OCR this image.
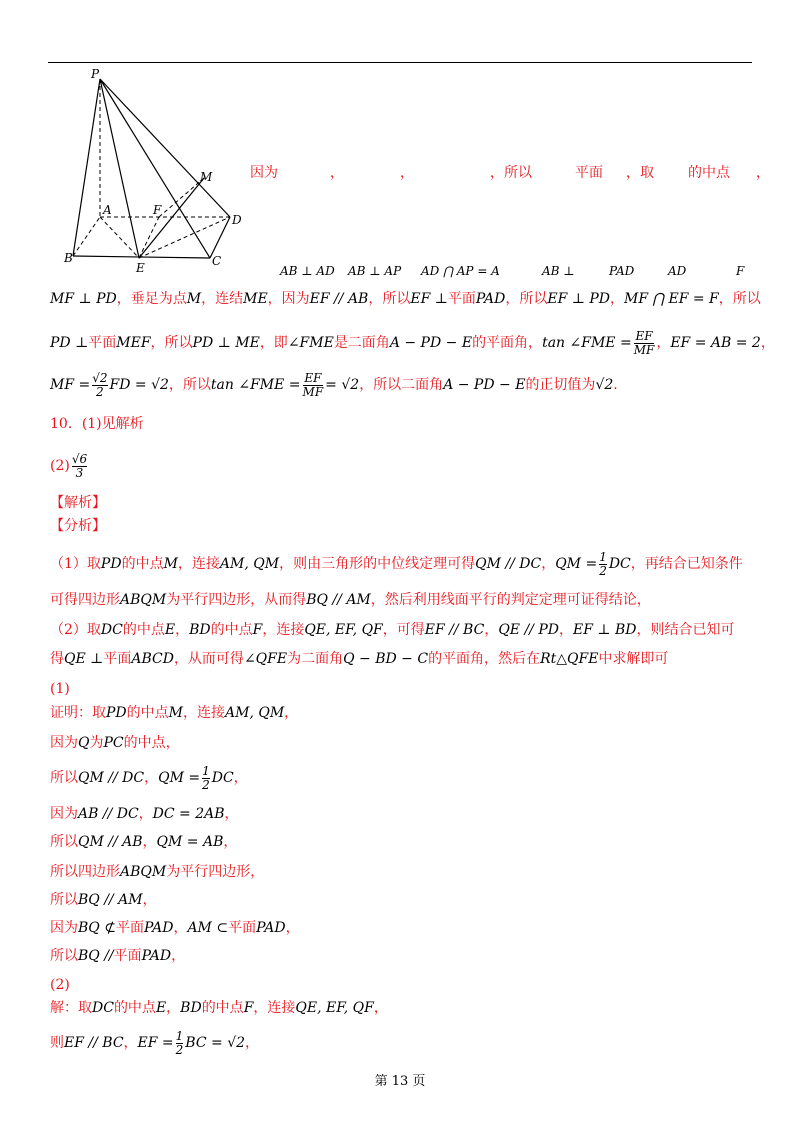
P
M
A	F
D
B
E	C
因为	，	，	，所以	平面 ，取 的中点 ，
AB ⊥ AD AB ⊥ AP AD ⋂ AP = A	AB ⊥	PAD	AD	F
MF ⊥ PD，垂足为点M，连结ME，因为EF // AB，所以EF ⊥平面PAD，所以EF ⊥ PD，MF ⋂ EF = F，所以
PD ⊥平面MEF，所以PD ⊥ ME，即∠FME是二面角A − PD − E的平面角，tan ∠FME = $\frac{EF}{MF}$ ，EF = AB = 2，
MF = $\frac{√2}{2}$ FD = √2，所以tan ∠FME = $\frac{EF}{MF} = √2$，所以二面角A − PD − E的正切值为√2.
10．(1)见解析
$(2) \frac{√6}{3}$
【解析】
【分析】
（1）取PD的中点M，连接AM, QM，则由三角形的中位线定理可得QM // DC，QM = $\frac{1}{2}$ DC，再结合已知条件
可得四边形ABQM为平行四边形，从而得BQ // AM，然后利用线面平行的判定定理可证得结论，
（2）取DC的中点E，BD的中点F，连接QE, EF, QF，可得EF // BC，QE // PD，EF ⊥ BD，则结合已知可
得QE ⊥平面ABCD，从而可得∠QFE为二面角Q − BD − C的平面角，然后在Rt△QFE中求解即可
(1)
证明：取PD的中点M，连接AM, QM，
因为Q为PC的中点，
所以QM // DC，QM = $\frac{1}{2}$ DC，
因为AB // DC，DC = 2AB，
所以QM // AB，QM = AB，
所以四边形ABQM为平行四边形，
所以BQ // AM，
因为BQ ⊄平面PAD，AM ⊂平面PAD，
所以BQ //平面PAD，
(2)
解：取DC的中点E，BD的中点F，连接QE, EF, QF，
则EF // BC，EF = $\frac{1}{2}$ BC = √2，
第 13 页
